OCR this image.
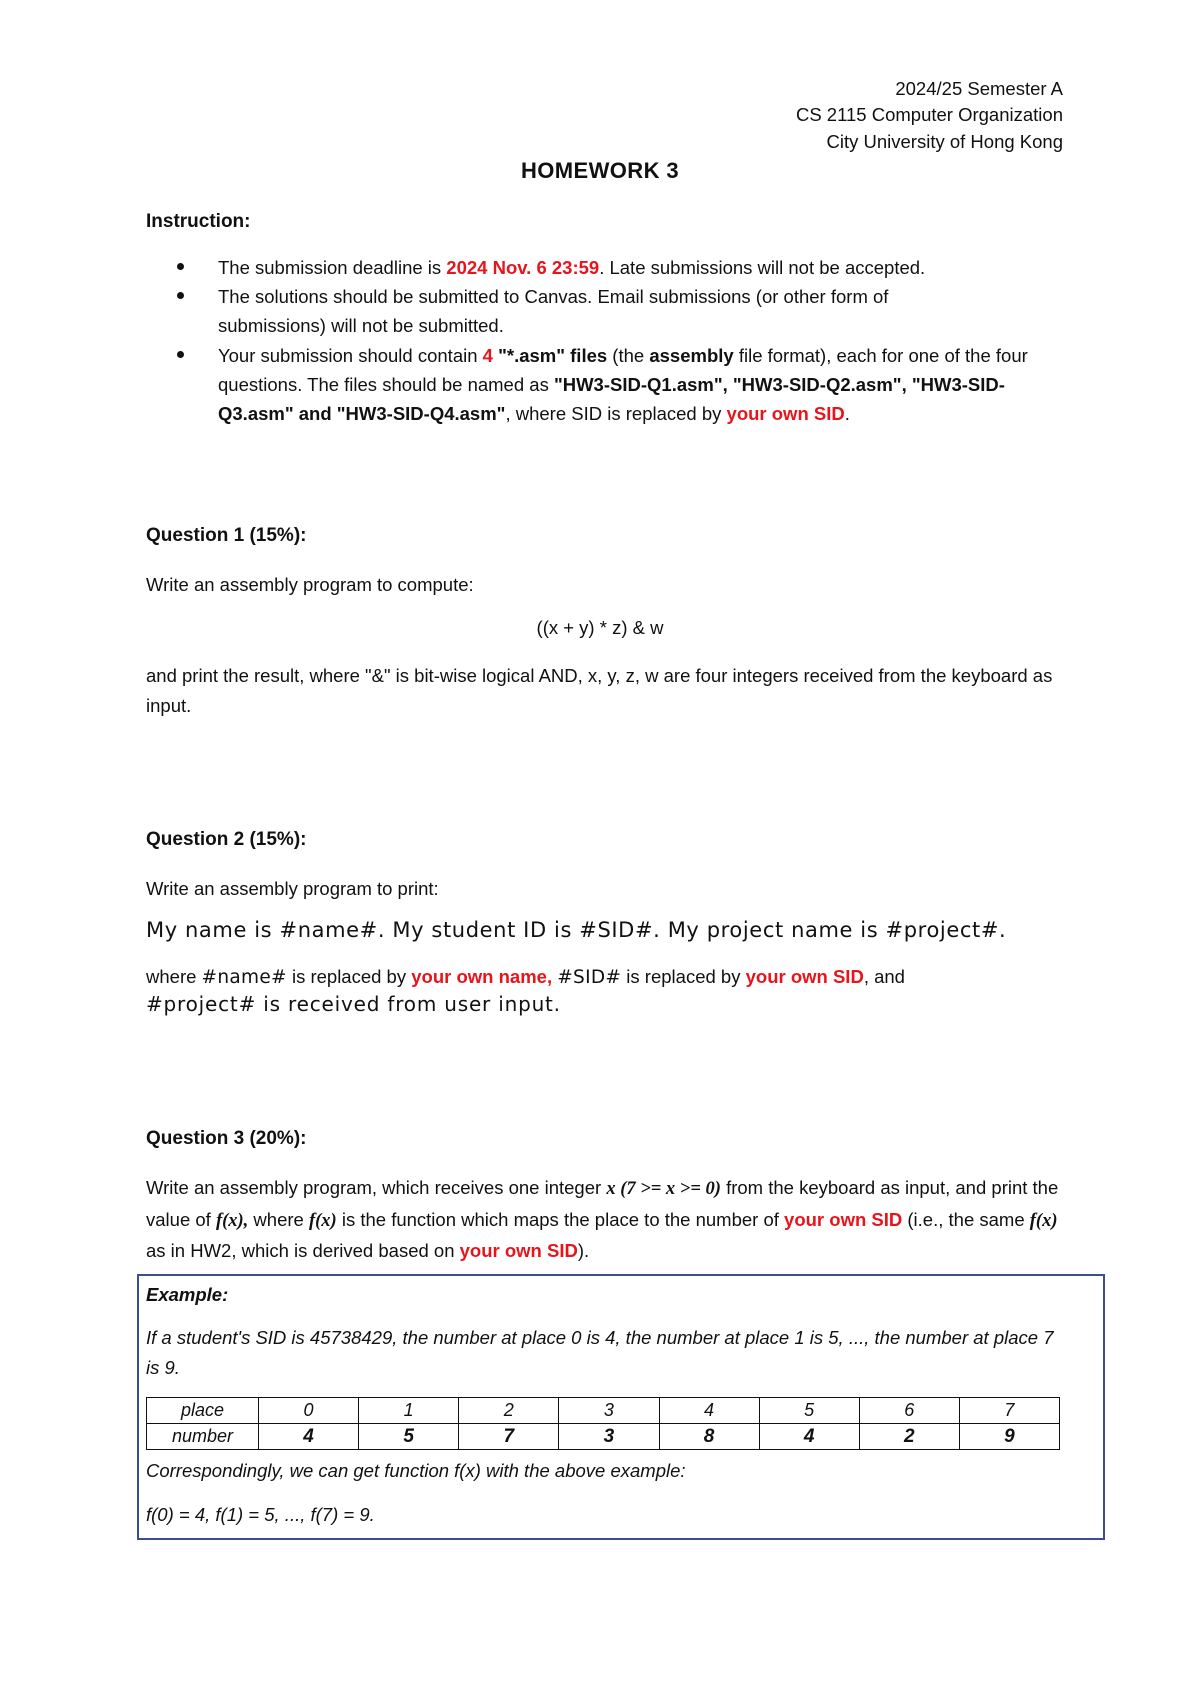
2024/25 Semester A
CS 2115 Computer Organization
City University of Hong Kong
HOMEWORK 3
Instruction:
The submission deadline is 2024 Nov. 6 23:59. Late submissions will not be accepted.
The solutions should be submitted to Canvas. Email submissions (or other form of submissions) will not be submitted.
Your submission should contain 4 "*.asm" files (the assembly file format), each for one of the four questions. The files should be named as "HW3-SID-Q1.asm", "HW3-SID-Q2.asm", "HW3-SID-Q3.asm" and "HW3-SID-Q4.asm", where SID is replaced by your own SID.
Question 1 (15%):
Write an assembly program to compute:
((x + y) * z) & w
and print the result, where "&" is bit-wise logical AND, x, y, z, w are four integers received from the keyboard as input.
Question 2 (15%):
Write an assembly program to print:
My name is #name#. My student ID is #SID#. My project name is #project#.
where #name# is replaced by your own name, #SID# is replaced by your own SID, and
#project# is received from user input.
Question 3 (20%):
Write an assembly program, which receives one integer x (7 >= x >= 0) from the keyboard as input, and print the value of f(x), where f(x) is the function which maps the place to the number of your own SID (i.e., the same f(x) as in HW2, which is derived based on your own SID).
Example:
If a student's SID is 45738429, the number at place 0 is 4, the number at place 1 is 5, ..., the number at place 7 is 9.
place	0	1	2	3	4	5	6	7
number	4	5	7	3	8	4	2	9
Correspondingly, we can get function f(x) with the above example:
f(0) = 4, f(1) = 5, ..., f(7) = 9.
